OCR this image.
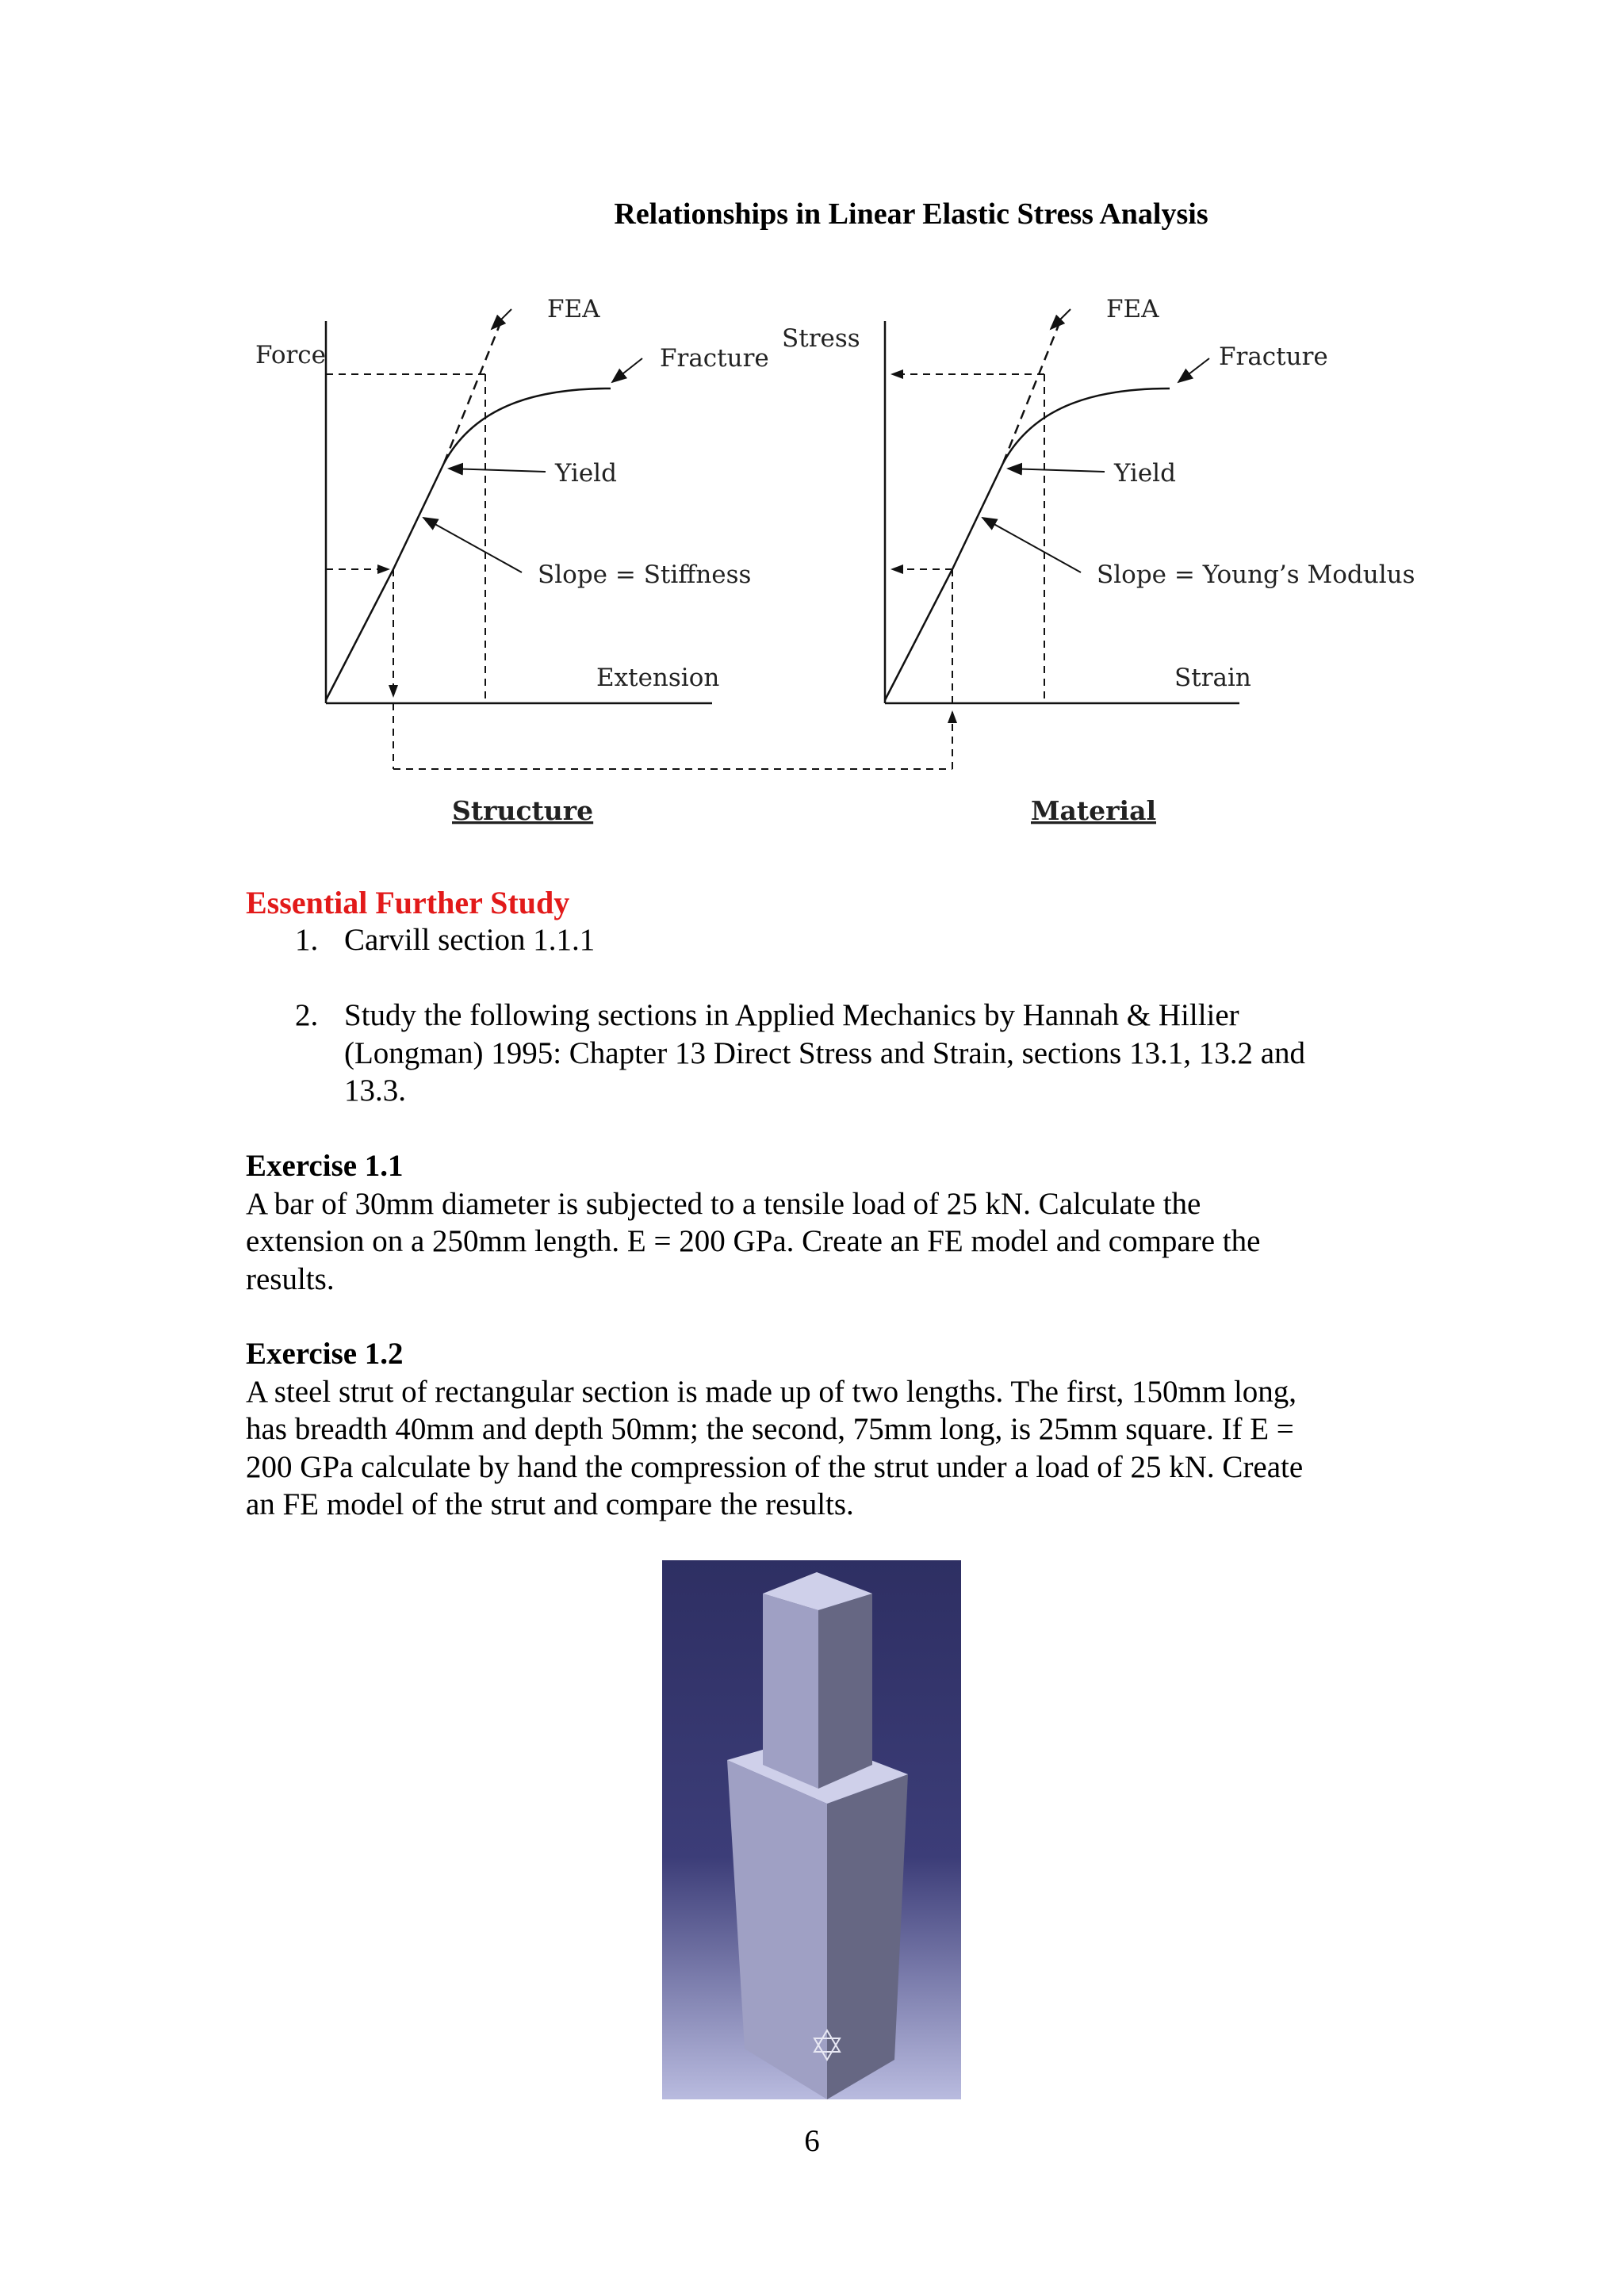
Relationships in Linear Elastic Stress Analysis
Force
FEA
Fracture
Yield
Slope = Stiffness
Extension
Structure
Stress
FEA
Fracture
Yield
Slope = Young’s Modulus
Strain
Material
Essential Further Study
1. Carvill section 1.1.1
2. Study the following sections in Applied Mechanics by Hannah & Hillier
(Longman) 1995: Chapter 13 Direct Stress and Strain, sections 13.1, 13.2 and
13.3.
Exercise 1.1
A bar of 30mm diameter is subjected to a tensile load of 25 kN. Calculate the
extension on a 250mm length. E = 200 GPa. Create an FE model and compare the
results.
Exercise 1.2
A steel strut of rectangular section is made up of two lengths. The first, 150mm long,
has breadth 40mm and depth 50mm; the second, 75mm long, is 25mm square. If E =
200 GPa calculate by hand the compression of the strut under a load of 25 kN. Create
an FE model of the strut and compare the results.
6
